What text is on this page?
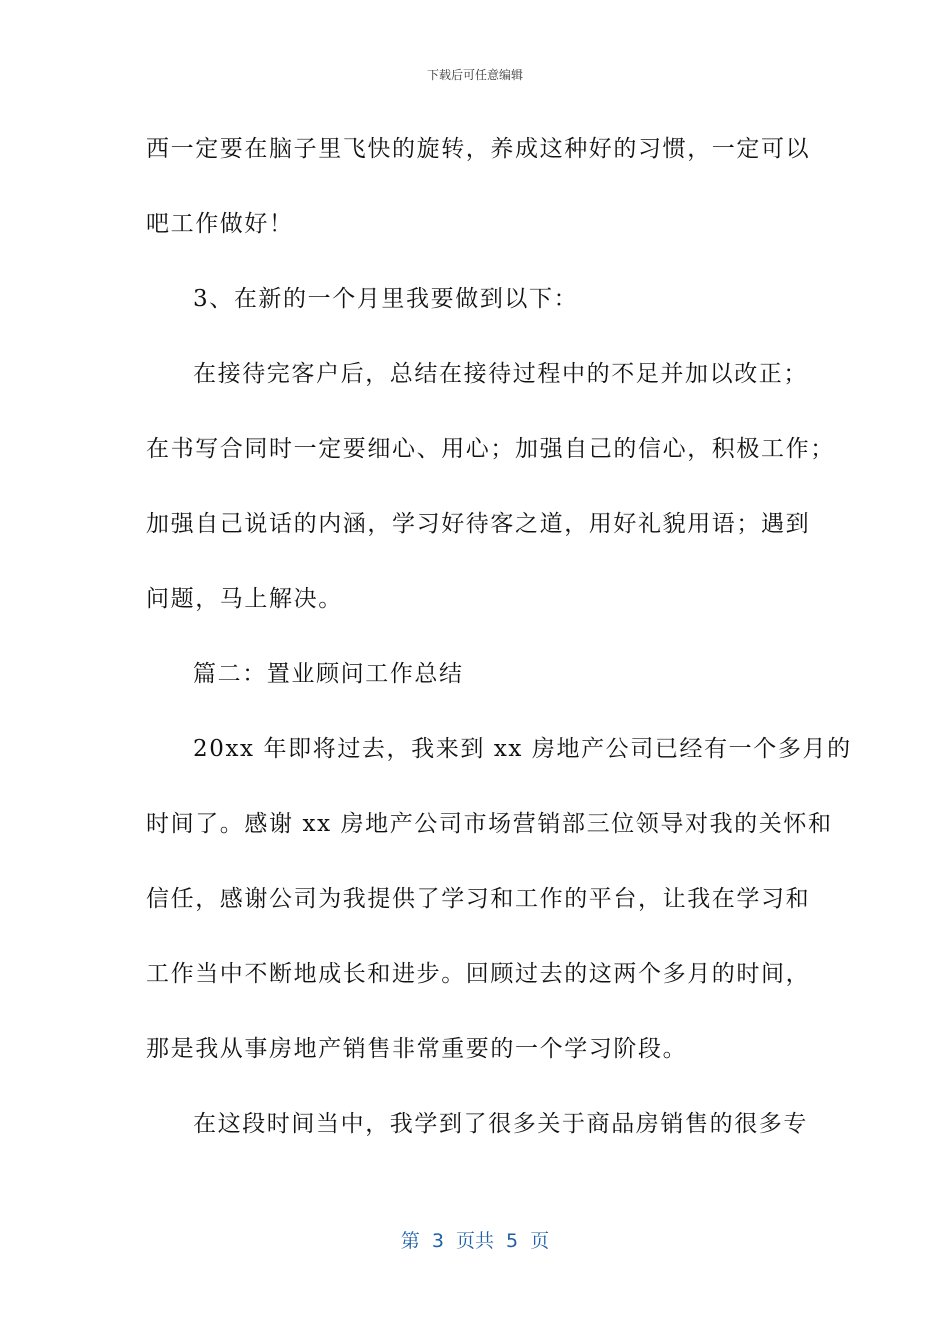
下载后可任意编辑
西一定要在脑子里飞快的旋转，养成这种好的习惯，一定可以
吧工作做好！
3、在新的一个月里我要做到以下：
在接待完客户后，总结在接待过程中的不足并加以改正；
在书写合同时一定要细心、用心；加强自己的信心，积极工作；
加强自己说话的内涵，学习好待客之道，用好礼貌用语；遇到
问题，马上解决。
篇二：置业顾问工作总结
20xx 年即将过去，我来到 xx 房地产公司已经有一个多月的
时间了。感谢 xx 房地产公司市场营销部三位领导对我的关怀和
信任，感谢公司为我提供了学习和工作的平台，让我在学习和
工作当中不断地成长和进步。回顾过去的这两个多月的时间，
那是我从事房地产销售非常重要的一个学习阶段。
在这段时间当中，我学到了很多关于商品房销售的很多专
第 3 页共 5 页
